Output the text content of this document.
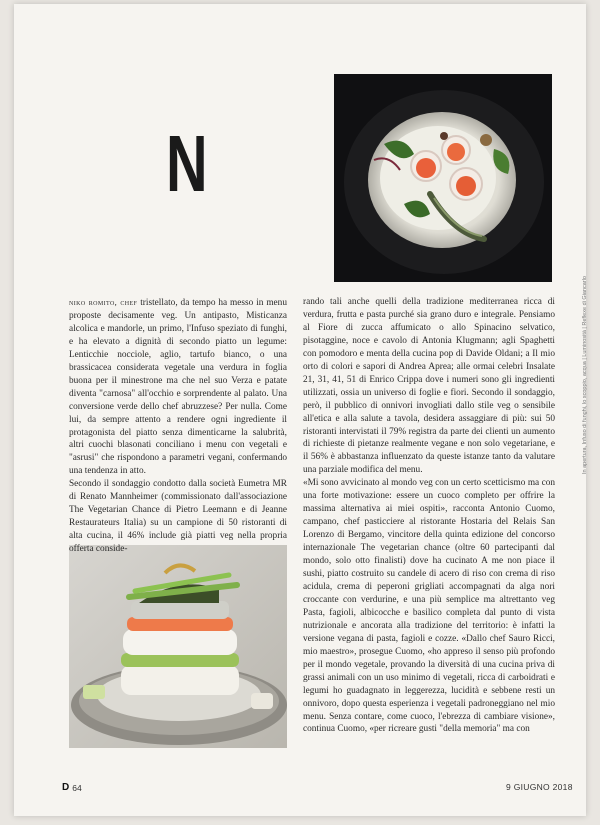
N

niko romito, chef tristellato, da tempo ha messo in menu proposte decisamente veg. Un antipasto, Misticanza alcolica e mandorle, un primo, l'Infuso speziato di funghi, e ha elevato a dignità di secondo piatto un legume: Lenticchie nocciole, aglio, tartufo bianco, o una brassicacea considerata vegetale una verdura in foglia buona per il minestrone ma che nel suo Verza e patate diventa "carnosa" all'occhio e sorprendente al palato. Una conversione verde dello chef abruzzese? Per nulla. Come lui, da sempre attento a rendere ogni ingrediente il protagonista del piatto senza dimenticarne la salubrità, altri cuochi blasonati conciliano i menu con vegetali e "asrusi" che rispondono a parametri vegani, confermando una tendenza in atto.

Secondo il sondaggio condotto dalla società Eumetra MR di Renato Mannheimer (commissionato dall'associazione The Vegetarian Chance di Pietro Leemann e di Jeanne Restaurateurs Italia) su un campione di 50 ristoranti di alta cucina, il 46% include già piatti veg nella propria offerta conside-

rando tali anche quelli della tradizione mediterranea ricca di verdura, frutta e pasta purché sia grano duro e integrale. Pensiamo al Fiore di zucca affumicato o allo Spinacino selvatico, pisotaggine, noce e cavolo di Antonia Klugmann; agli Spaghetti con pomodoro e menta della cucina pop di Davide Oldani; a Il mio orto di colori e sapori di Andrea Aprea; alle ormai celebri Insalate 21, 31, 41, 51 di Enrico Crippa dove i numeri sono gli ingredienti utilizzati, ossia un universo di foglie e fiori. Secondo il sondaggio, però, il pubblico di onnivori invogliati dallo stile veg o sensibile all'etica e alla salute a tavola, desidera assaggiare di più: sui 50 ristoranti intervistati il 79% registra da parte dei clienti un aumento di richieste di pietanze realmente vegane e non solo vegetariane, e il 56% è abbastanza influenzato da queste istanze tanto da valutare una parziale modifica del menu.

«Mi sono avvicinato al mondo veg con un certo scetticismo ma con una forte motivazione: essere un cuoco completo per offrire la massima alternativa ai miei ospiti», racconta Antonio Cuomo, campano, chef pasticciere al ristorante Hostaria del Relais San Lorenzo di Bergamo, vincitore della quinta edizione del concorso internazionale The vegetarian chance (oltre 60 partecipanti dal mondo, solo otto finalisti) dove ha cucinato A me non piace il sushi, piatto costruito su candele di acero di riso con crema di riso acidula, crema di peperoni grigliati accompagnati da alga nori croccante con verdurine, e una più semplice ma altrettanto veg Pasta, fagioli, albicocche e basilico completa dal punto di vista nutrizionale e ancorata alla tradizione del territorio: è infatti la versione vegana di pasta, fagioli e cozze. «Dallo chef Sauro Ricci, mio maestro», prosegue Cuomo, «ho appreso il senso più profondo per il mondo vegetale, provando la diversità di una cucina priva di grassi animali con un uso minimo di vegetali, ricca di carboidrati e legumi ho guadagnato in leggerezza, lucidità e sebbene resti un onnivoro, dopo questa esperienza i vegetali padroneggiano nel mio menu. Senza contare, come cuoco, l'ebrezza di cambiare visione», continua Cuomo, «per ricreare gusti "della memoria" ma con

D 64	9 GIUGNO 2018
In apertura, Infuso di funghi, lo scoppio, acqua | Luminosità | Reflexe di Giancarlo
